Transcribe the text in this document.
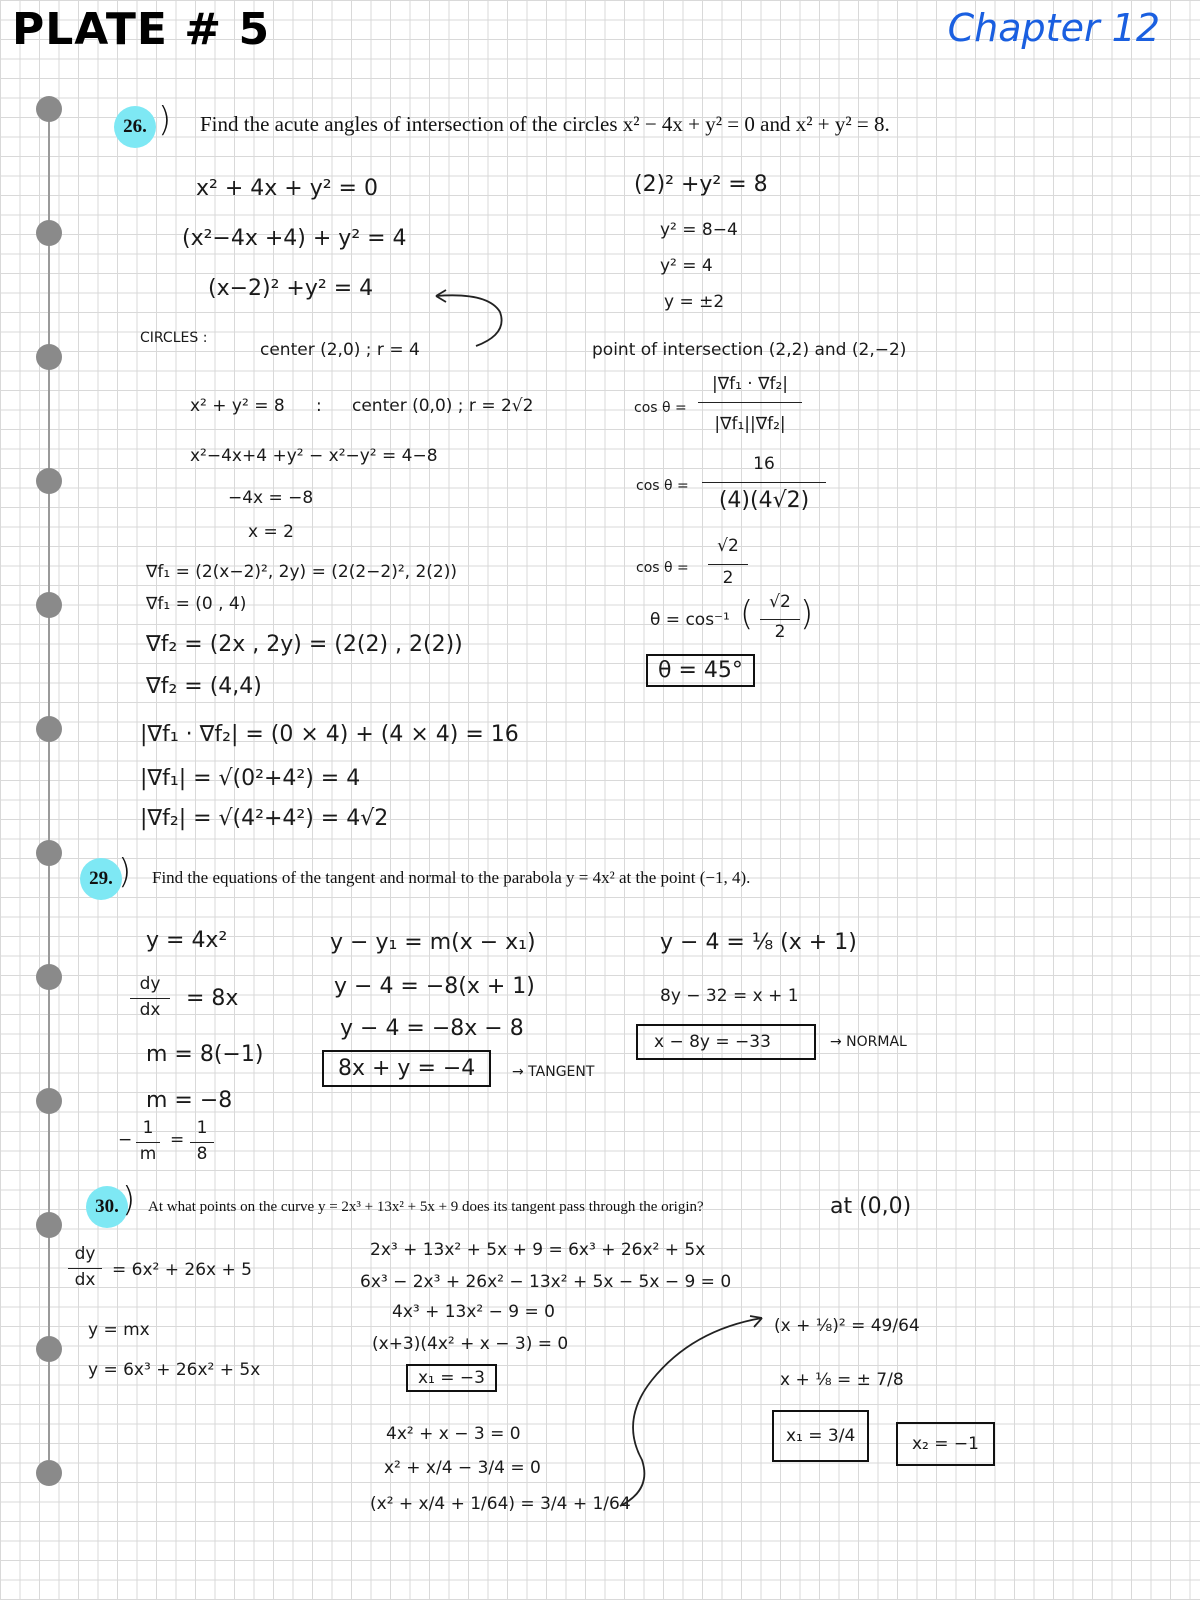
PLATE # 5	Chapter 12
26. ) Find the acute angles of intersection of the circles x² − 4x + y² = 0 and x² + y² = 8.
x² + 4x + y² = 0
(x²−4x +4) + y² = 4
(x−2)² +y² = 4
CIRCLES :
center (2,0) ; r = 4
x² + y² = 8 : center (0,0) ; r = 2√2
x²−4x+4 +y² − x²−y² = 4−8
−4x = −8
x = 2
∇f₁ = (2(x−2)², 2y) = (2(2−2)², 2(2))
∇f₁ = (0 , 4)
∇f₂ = (2x , 2y) = (2(2) , 2(2))
∇f₂ = (4,4)
|∇f₁ · ∇f₂| = (0 × 4) + (4 × 4) = 16
|∇f₁| = √(0²+4²) = 4
|∇f₂| = √(4²+4²) = 4√2
(2)² +y² = 8
y² = 8−4
y² = 4
y = ±2
point of intersection (2,2) and (2,−2)
cos θ =
|∇f₁ · ∇f₂|
|∇f₁||∇f₂|
cos θ =
16
(4)(4√2)
cos θ =
√2
2
θ = cos⁻¹ ( √2
2 )
θ = 45°
29. ) Find the equations of the tangent and normal to the parabola y = 4x² at the point (−1, 4).
y = 4x²
dy
dx	= 8x
m = 8(−1)
m = −8
−
1
m
=
1
8
y − y₁ = m(x − x₁)
y − 4 = −8(x + 1)
y − 4 = −8x − 8
8x + y = −4	→ TANGENT
y − 4 = ⅛ (x + 1)
8y − 32 = x + 1
x − 8y = −33	→ NORMAL
30. ) At what points on the curve y = 2x³ + 13x² + 5x + 9 does its tangent pass through the origin?	at (0,0)
dy
dx = 6x² + 26x + 5
y = mx
y = 6x³ + 26x² + 5x
2x³ + 13x² + 5x + 9 = 6x³ + 26x² + 5x
6x³ − 2x³ + 26x² − 13x² + 5x − 5x − 9 = 0
4x³ + 13x² − 9 = 0
(x+3)(4x² + x − 3) = 0
x₁ = −3
4x² + x − 3 = 0
x² + x/4 − 3/4 = 0
(x² + x/4 + 1/64) = 3/4 + 1/64
(x + ⅛)² = 49/64
x + ⅛ = ± 7/8
x₁ = 3/4	x₂ = −1
